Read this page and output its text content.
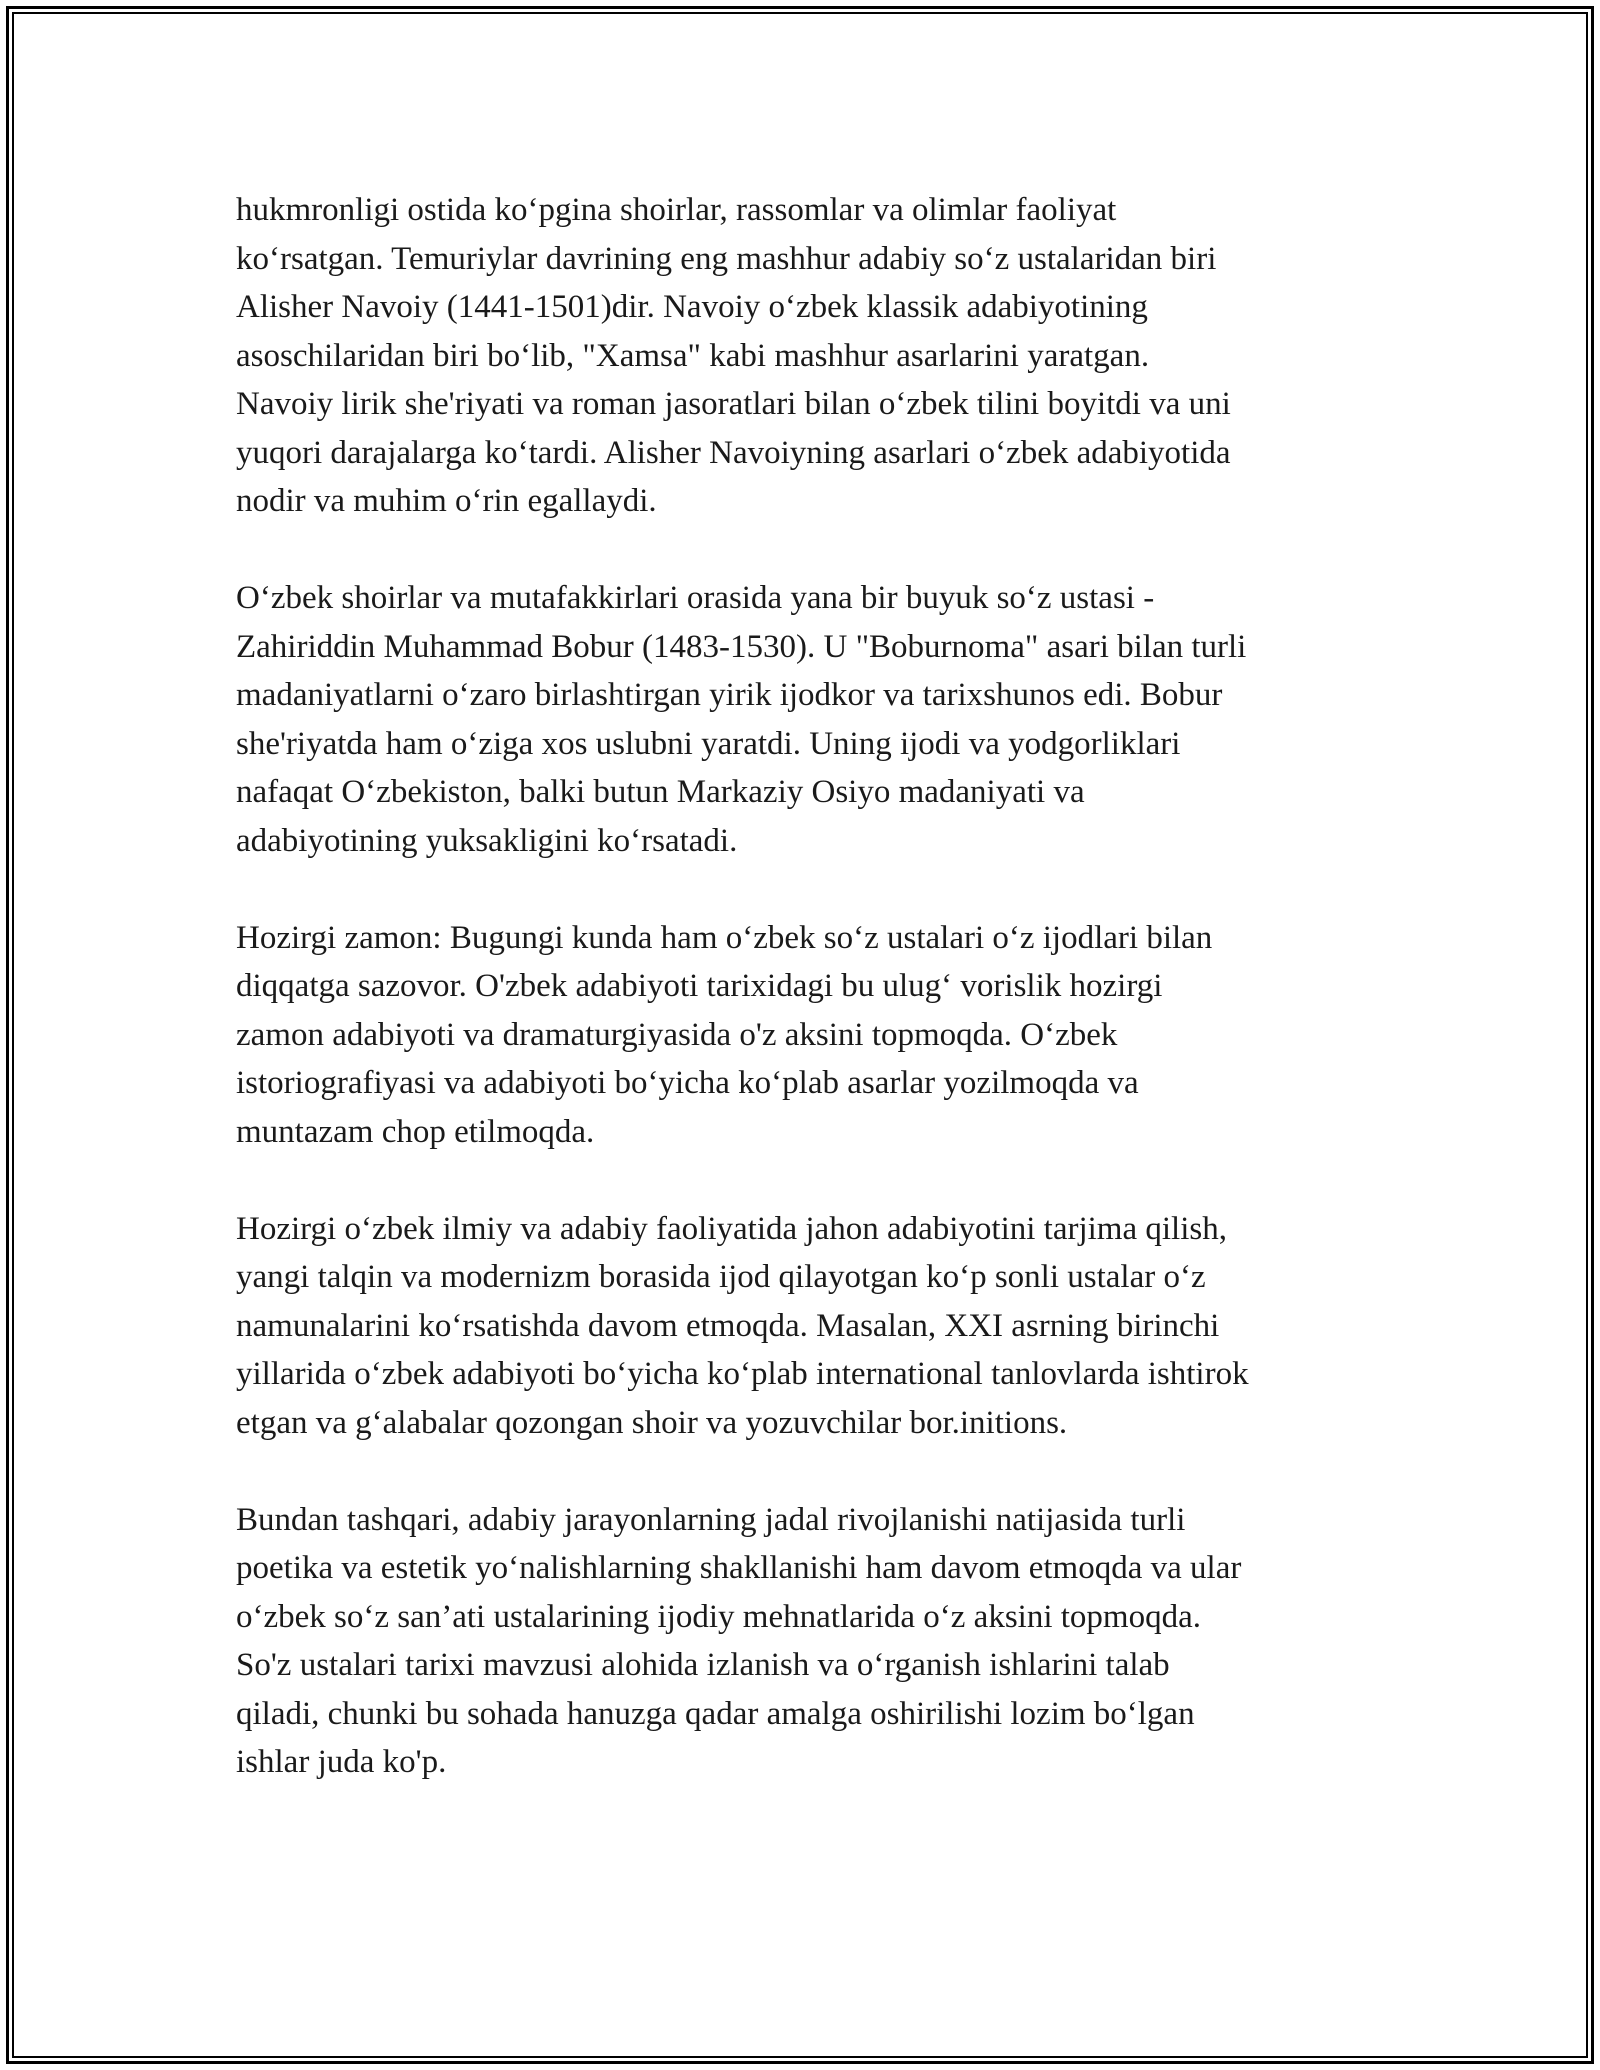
hukmronligi ostida ko‘pgina shoirlar, rassomlar va olimlar faoliyat
ko‘rsatgan. Temuriylar davrining eng mashhur adabiy so‘z ustalaridan biri
Alisher Navoiy (1441-1501)dir. Navoiy o‘zbek klassik adabiyotining
asoschilaridan biri bo‘lib, "Xamsa" kabi mashhur asarlarini yaratgan.
Navoiy lirik she'riyati va roman jasoratlari bilan o‘zbek tilini boyitdi va uni
yuqori darajalarga ko‘tardi. Alisher Navoiyning asarlari o‘zbek adabiyotida
nodir va muhim o‘rin egallaydi.

O‘zbek shoirlar va mutafakkirlari orasida yana bir buyuk so‘z ustasi -
Zahiriddin Muhammad Bobur (1483-1530). U "Boburnoma" asari bilan turli
madaniyatlarni o‘zaro birlashtirgan yirik ijodkor va tarixshunos edi. Bobur
she'riyatda ham o‘ziga xos uslubni yaratdi. Uning ijodi va yodgorliklari
nafaqat O‘zbekiston, balki butun Markaziy Osiyo madaniyati va
adabiyotining yuksakligini ko‘rsatadi.

Hozirgi zamon: Bugungi kunda ham o‘zbek so‘z ustalari o‘z ijodlari bilan
diqqatga sazovor. O'zbek adabiyoti tarixidagi bu ulug‘ vorislik hozirgi
zamon adabiyoti va dramaturgiyasida o'z aksini topmoqda. O‘zbek
istoriografiyasi va adabiyoti bo‘yicha ko‘plab asarlar yozilmoqda va
muntazam chop etilmoqda.

Hozirgi o‘zbek ilmiy va adabiy faoliyatida jahon adabiyotini tarjima qilish,
yangi talqin va modernizm borasida ijod qilayotgan ko‘p sonli ustalar o‘z
namunalarini ko‘rsatishda davom etmoqda. Masalan, XXI asrning birinchi
yillarida o‘zbek adabiyoti bo‘yicha ko‘plab international tanlovlarda ishtirok
etgan va g‘alabalar qozongan shoir va yozuvchilar bor.initions.

Bundan tashqari, adabiy jarayonlarning jadal rivojlanishi natijasida turli
poetika va estetik yo‘nalishlarning shakllanishi ham davom etmoqda va ular
o‘zbek so‘z san’ati ustalarining ijodiy mehnatlarida o‘z aksini topmoqda.
So'z ustalari tarixi mavzusi alohida izlanish va o‘rganish ishlarini talab
qiladi, chunki bu sohada hanuzga qadar amalga oshirilishi lozim bo‘lgan
ishlar juda ko'p.
